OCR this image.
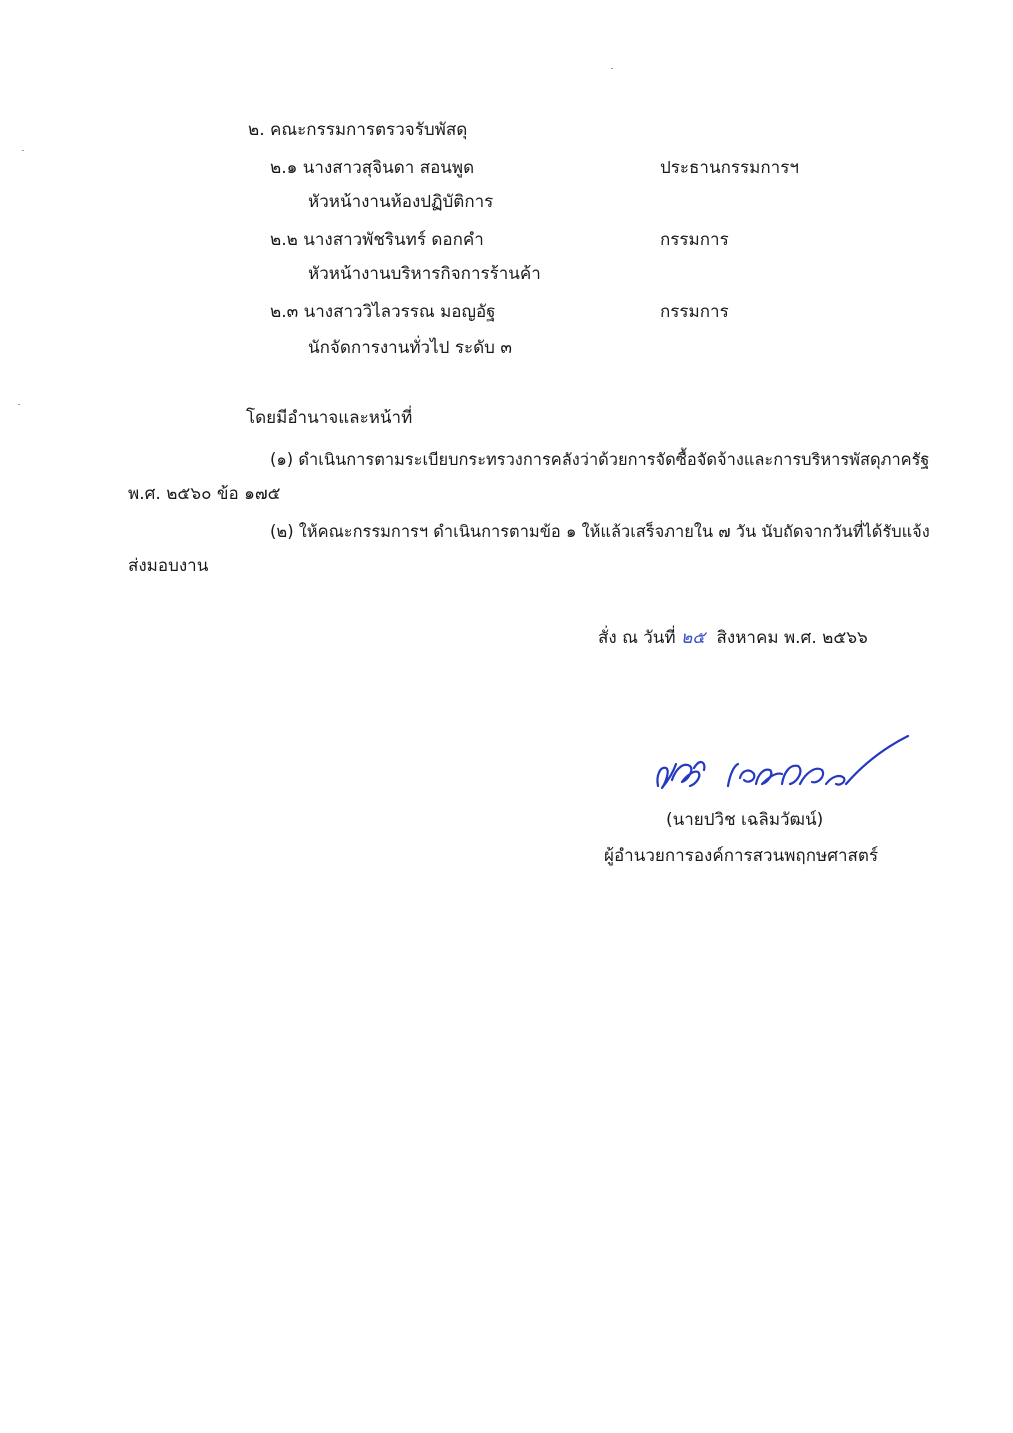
๒. คณะกรรมการตรวจรับพัสดุ
๒.๑ นางสาวสุจินดา สอนพูด	ประธานกรรมการฯ
หัวหน้างานห้องปฏิบัติการ
๒.๒ นางสาวพัชรินทร์ ดอกคำ	กรรมการ
หัวหน้างานบริหารกิจการร้านค้า
๒.๓ นางสาววิไลวรรณ มอญอัฐ	กรรมการ
นักจัดการงานทั่วไป ระดับ ๓
โดยมีอำนาจและหน้าที่
(๑) ดำเนินการตามระเบียบกระทรวงการคลังว่าด้วยการจัดซื้อจัดจ้างและการบริหารพัสดุภาครัฐ
พ.ศ. ๒๕๖๐ ข้อ ๑๗๕
(๒) ให้คณะกรรมการฯ ดำเนินการตามข้อ ๑ ให้แล้วเสร็จภายใน ๗ วัน นับถัดจากวันที่ได้รับแจ้ง
ส่งมอบงาน
สั่ง ณ วันที่ ๒๕ สิงหาคม พ.ศ. ๒๕๖๖
(นายปวิช เฉลิมวัฒน์)
ผู้อำนวยการองค์การสวนพฤกษศาสตร์
